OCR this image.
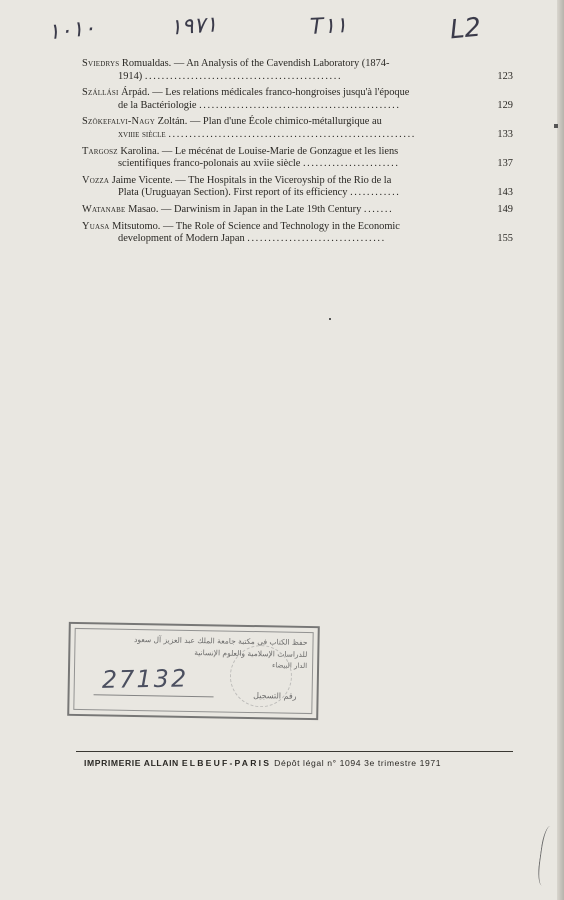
١٠١٠	١٩٧١	T١١	L2
Sviedrys Romualdas. — An Analysis of the Cavendish Laboratory (1874-
1914) ...............................................	123
Szállási Árpád. — Les relations médicales franco-hongroises jusqu'à l'époque
de la Bactériologie ................................................	129
Szökefalvi-Nagy Zoltán. — Plan d'une École chimico-métallurgique au
xviiie siècle ...........................................................	133
Targosz Karolina. — Le mécénat de Louise-Marie de Gonzague et les liens
scientifiques franco-polonais au xviie siècle .......................	137
Vozza Jaime Vicente. — The Hospitals in the Viceroyship of the Rio de la
Plata (Uruguayan Section). First report of its efficiency ............	143
Watanabe Masao. — Darwinism in Japan in the Late 19th Century .......	149
Yuasa Mitsutomo. — The Role of Science and Technology in the Economic
development of Modern Japan .................................	155
حفظ الكتاب في مكتبة جامعة الملك عبد العزيز آل سعود
للدراسات الإسلامية والعلوم الإنسانية
الدار البيضاء
27132
رقم التسجيل
IMPRIMERIE ALLAIN ELBEUF-PARIS Dépôt légal n° 1094 3e trimestre 1971
